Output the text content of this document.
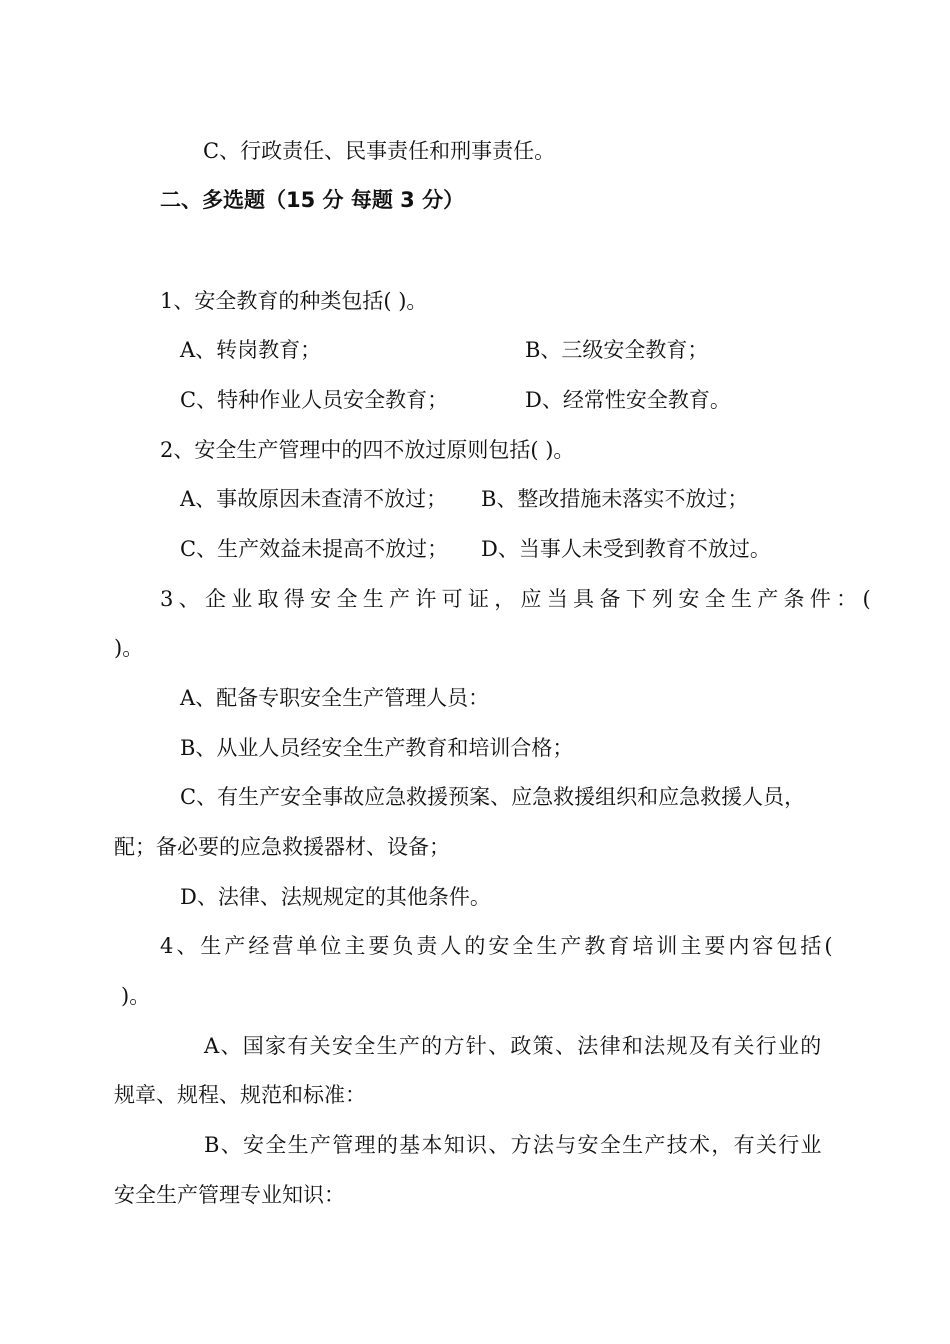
C、行政责任、民事责任和刑事责任。
二、多选题（15 分 每题 3 分）
1、安全教育的种类包括( )。
A、转岗教育；	B、三级安全教育；
C、特种作业人员安全教育；	D、经常性安全教育。
2、安全生产管理中的四不放过原则包括( )。
A、事故原因未查清不放过； B、整改措施未落实不放过；
C、生产效益未提高不放过； D、当事人未受到教育不放过。
3、企业取得安全生产许可证，应当具备下列安全生产条件：(
)。
A、配备专职安全生产管理人员：
B、从业人员经安全生产教育和培训合格；
C、有生产安全事故应急救援预案、应急救援组织和应急救援人员，
配；备必要的应急救援器材、设备；
D、法律、法规规定的其他条件。
4、生产经营单位主要负责人的安全生产教育培训主要内容包括(
)。
A、国家有关安全生产的方针、政策、法律和法规及有关行业的
规章、规程、规范和标准：
B、安全生产管理的基本知识、方法与安全生产技术，有关行业
安全生产管理专业知识：
